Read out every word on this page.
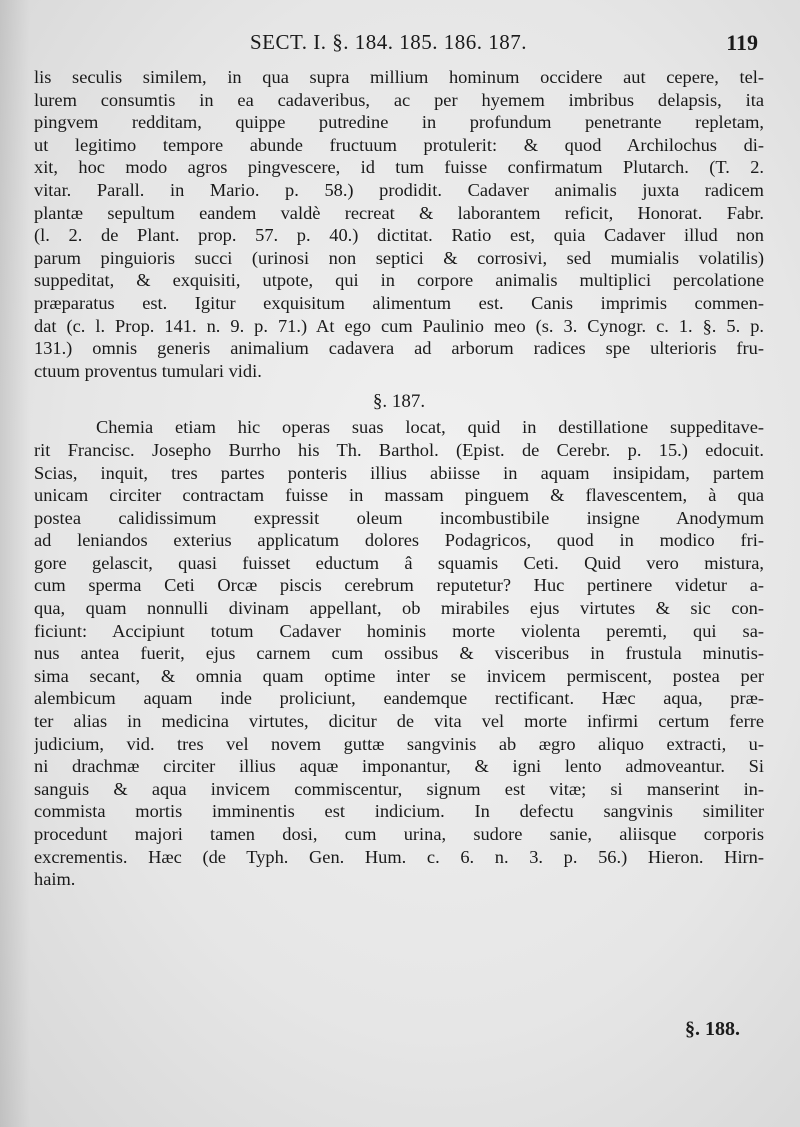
SECT. I. §. 184. 185. 186. 187.	119
lis seculis similem, in qua supra millium hominum occidere aut cepere, tel-
lurem consumtis in ea cadaveribus, ac per hyemem imbribus delapsis, ita
pingvem redditam, quippe putredine in profundum penetrante repletam,
ut legitimo tempore abunde fructuum protulerit: & quod Archilochus di-
xit, hoc modo agros pingvescere, id tum fuisse confirmatum Plutarch. (T. 2.
vitar. Parall. in Mario. p. 58.) prodidit. Cadaver animalis juxta radicem
plantæ sepultum eandem valdè recreat & laborantem reficit, Honorat. Fabr.
(l. 2. de Plant. prop. 57. p. 40.) dictitat. Ratio est, quia Cadaver illud non
parum pinguioris succi (urinosi non septici & corrosivi, sed mumialis volatilis)
suppeditat, & exquisiti, utpote, qui in corpore animalis multiplici percolatione
præparatus est. Igitur exquisitum alimentum est. Canis imprimis commen-
dat (c. l. Prop. 141. n. 9. p. 71.) At ego cum Paulinio meo (s. 3. Cynogr. c. 1. §. 5. p.
131.) omnis generis animalium cadavera ad arborum radices spe ulterioris fru-
ctuum proventus tumulari vidi.
§. 187.
Chemia etiam hic operas suas locat, quid in destillatione suppeditave-
rit Francisc. Josepho Burrho his Th. Barthol. (Epist. de Cerebr. p. 15.) edocuit.
Scias, inquit, tres partes ponteris illius abiisse in aquam insipidam, partem
unicam circiter contractam fuisse in massam pinguem & flavescentem, à qua
postea calidissimum expressit oleum incombustibile insigne Anodymum
ad leniandos exterius applicatum dolores Podagricos, quod in modico fri-
gore gelascit, quasi fuisset eductum â squamis Ceti. Quid vero mistura,
cum sperma Ceti Orcæ piscis cerebrum reputetur? Huc pertinere videtur a-
qua, quam nonnulli divinam appellant, ob mirabiles ejus virtutes & sic con-
ficiunt: Accipiunt totum Cadaver hominis morte violenta peremti, qui sa-
nus antea fuerit, ejus carnem cum ossibus & visceribus in frustula minutis-
sima secant, & omnia quam optime inter se invicem permiscent, postea per
alembicum aquam inde proliciunt, eandemque rectificant. Hæc aqua, præ-
ter alias in medicina virtutes, dicitur de vita vel morte infirmi certum ferre
judicium, vid. tres vel novem guttæ sangvinis ab ægro aliquo extracti, u-
ni drachmæ circiter illius aquæ imponantur, & igni lento admoveantur. Si
sanguis & aqua invicem commiscentur, signum est vitæ; si manserint in-
commista mortis imminentis est indicium. In defectu sangvinis similiter
procedunt majori tamen dosi, cum urina, sudore sanie, aliisque corporis
excrementis. Hæc (de Typh. Gen. Hum. c. 6. n. 3. p. 56.) Hieron. Hirn-
haim.
§. 188.
